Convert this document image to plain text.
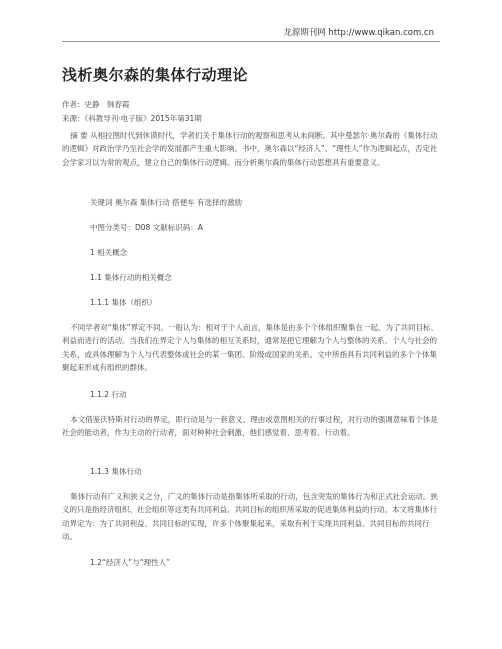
龙源期刊网 http://www.qikan.com.cn
浅析奥尔森的集体行动理论
作者：史静　韩春霞
来源：《科教导刊·电子版》2015年第31期

摘 要 从相拉图时代到休谟时代，学者们关于集体行动的观察和思考从未间断。其中曼瑟尔·奥尔森的《集体行动的逻辑》对政治学乃至社会学的发展都产生重大影响。书中，奥尔森以“经济人”、“理性人”作为逻辑起点，否定社会学家习以为常的观点，建立自己的集体行动逻辑。而分析奥尔森的集体行动思想具有重要意义。

关键词 奥尔森 集体行动 搭便车 有选择的激励
中图分类号：D08 文献标识码：A
1 相关概念
1.1 集体行动的相关概念
1.1.1 集体（组织）

不同学者对“集体”界定不同。一般认为：相对于个人而言，集体是由多个个体组织聚集在一起，为了共同目标、利益而进行的活动。当我们在界定个人与集体的相互关系时，通常是把它理解为个人与整体的关系、个人与社会的关系，或具体理解为个人与代表整体或社会的某一集团、阶级或国家的关系。文中所指具有共同利益的多个个体集聚起来形成有组织的群体。

1.1.2 行动

本文借鉴沃特斯对行动的界定，即行动是与一套意义、理由或意图相关的行事过程，对行动的强调意味着个体是社会的能动者，作为主动的行动者，面对种种社会刺激，他们感觉着、思考着、行动着。

1.1.3 集体行动

集体行动有广义和狭义之分，广义的集体行动是指集体所采取的行动，包含突发的集体行为和正式社会运动。狭义的只是指经济组织、社会组织等这类有共同利益、共同目标的组织所采取的促进集体利益的行动。本文将集体行动界定为：为了共同利益、共同目标的实现，许多个体聚集起来，采取有利于实现共同利益、共同目标的共同行动。

1.2“经济人”与“理性人”
